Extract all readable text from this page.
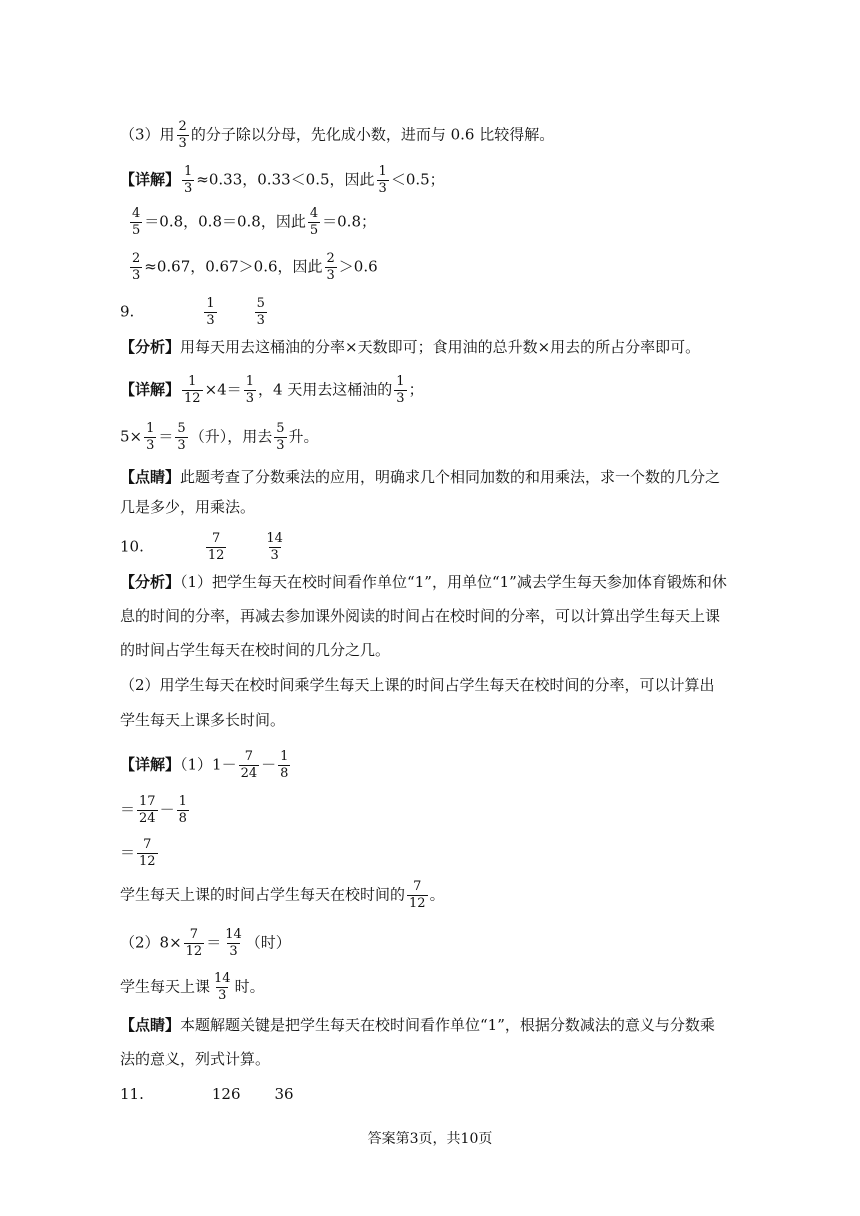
（3）用 $\frac{2}{3}$ 的分子除以分母，先化成小数，进而与 0.6 比较得解。
【详解】 $\frac{1}{3} \approx 0.33$，0.33＜0.5，因此 $\frac{1}{3} <0.5$；
$\frac{4}{5} =0.8$，0.8＝0.8，因此 $\frac{4}{5} =0.8$；
$\frac{2}{3} \approx 0.67$，0.67＞0.6，因此 $\frac{2}{3} >0.6$
9.	$\frac{1}{3}$	$\frac{5}{3}$
【分析】用每天用去这桶油的分率×天数即可；食用油的总升数×用去的所占分率即可。
【详解】 $\frac{1}{12} \times 4= \frac{1}{3}$ ，4 天用去这桶油的 $\frac{1}{3}$ ；
$5\times \frac{1}{3} = \frac{5}{3}$ （升），用去 $\frac{5}{3}$ 升。
【点睛】此题考查了分数乘法的应用，明确求几个相同加数的和用乘法，求一个数的几分之
几是多少，用乘法。
10.	$\frac{7}{12}$	$\frac{14}{3}$
【分析】（1）把学生每天在校时间看作单位“1”，用单位“1”减去学生每天参加体育锻炼和休
息的时间的分率，再减去参加课外阅读的时间占在校时间的分率，可以计算出学生每天上课
的时间占学生每天在校时间的几分之几。
（2）用学生每天在校时间乘学生每天上课的时间占学生每天在校时间的分率，可以计算出
学生每天上课多长时间。
【详解】$(1)1- \frac{7}{24} - \frac{1}{8}$
＝ $\frac{17}{24} - \frac{1}{8}$
＝ $\frac{7}{12}$
学生每天上课的时间占学生每天在校时间的 $\frac{7}{12}$ 。
$(2)8\times \frac{7}{12} = \frac{14}{3}$ （时）
学生每天上课 $\frac{14}{3}$ 时。
【点睛】本题解题关键是把学生每天在校时间看作单位“1”，根据分数减法的意义与分数乘
法的意义，列式计算。
11.	126 36
答案第3页，共10页
